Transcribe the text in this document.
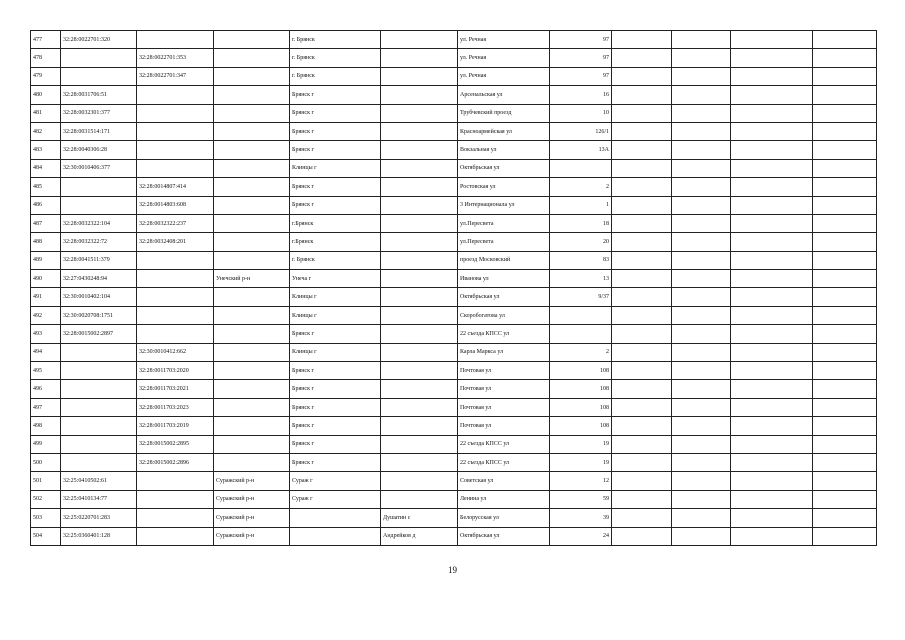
477	32:28:0022701:320			г. Брянск		ул. Речная	97				
478		32:28:0022701:353		г. Брянск		ул. Речная	97				
479		32:28:0022701:347		г. Брянск		ул. Речная	97				
480	32:28:0031706:51			Брянск г		Арсенальская ул	16				
481	32:28:0032301:377			Брянск г		Трубчевский проезд	10				
482	32:28:0031514:171			Брянск г		Красноармейская ул	126/1				
483	32:28:0040306:28			Брянск г		Вокзальная ул	13А				
484	32:30:0010406:377			Клинцы г		Октябрьская ул					
485		32:28:0014807:414		Брянск г		Ростовская ул	2				
486		32:28:0014803:608		Брянск г		3 Интернационала ул	1				
487	32:28:0032322:104	32:28:0032322:237		г.Брянск		ул.Пересвета	18				
488	32:28:0032322:72	32:28:0032408:201		г.Брянск		ул.Пересвета	20				
489	32:28:0041511:379			г. Брянск		проезд Московский	83				
490	32:27:0430248:94		Унечский р-н	Унеча г		Иванова ул	13				
491	32:30:0010402:104			Клинцы г		Октябрьская ул	9/37				
492	32:30:0020708:1751			Клинцы г		Скоробогатова ул					
493	32:28:0015002:2897			Брянск г		22 съезда КПСС ул					
494		32:30:0010412:662		Клинцы г		Карла Маркса ул	2				
495		32:28:0011703:2020		Брянск г		Почтовая ул	108				
496		32:28:0011703:2021		Брянск г		Почтовая ул	108				
497		32:28:0011703:2023		Брянск г		Почтовая ул	108				
498		32:28:0011703:2019		Брянск г		Почтовая ул	108				
499		32:28:0015002:2895		Брянск г		22 съезда КПСС ул	19				
500		32:28:0015002:2896		Брянск г		22 съезда КПСС ул	19				
501	32:25:0410502:61		Суражский р-н	Сураж г		Советская ул	12				
502	32:25:0410134:77		Суражский р-н	Сураж г		Ленина ул	59				
503	32:25:0220701:283		Суражский р-н		Душатин с	Белорусская ул	39				
504	32:25:0360401:128		Суражский р-н		Андрейков д	Октябрьская ул	24				
19
